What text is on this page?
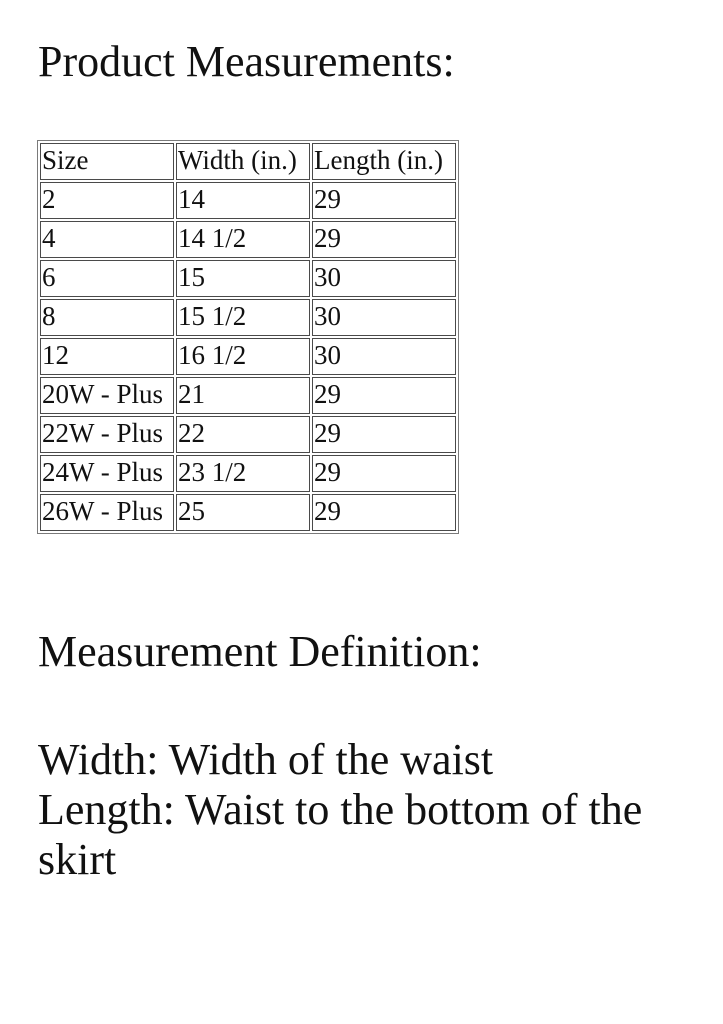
Product Measurements:
Size	Width (in.)	Length (in.)
2	14	29
4	14 1/2	29
6	15	30
8	15 1/2	30
12	16 1/2	30
20W - Plus	21	29
22W - Plus	22	29
24W - Plus	23 1/2	29
26W - Plus	25	29
Measurement Definition:
Width: Width of the waist
Length: Waist to the bottom of the skirt
